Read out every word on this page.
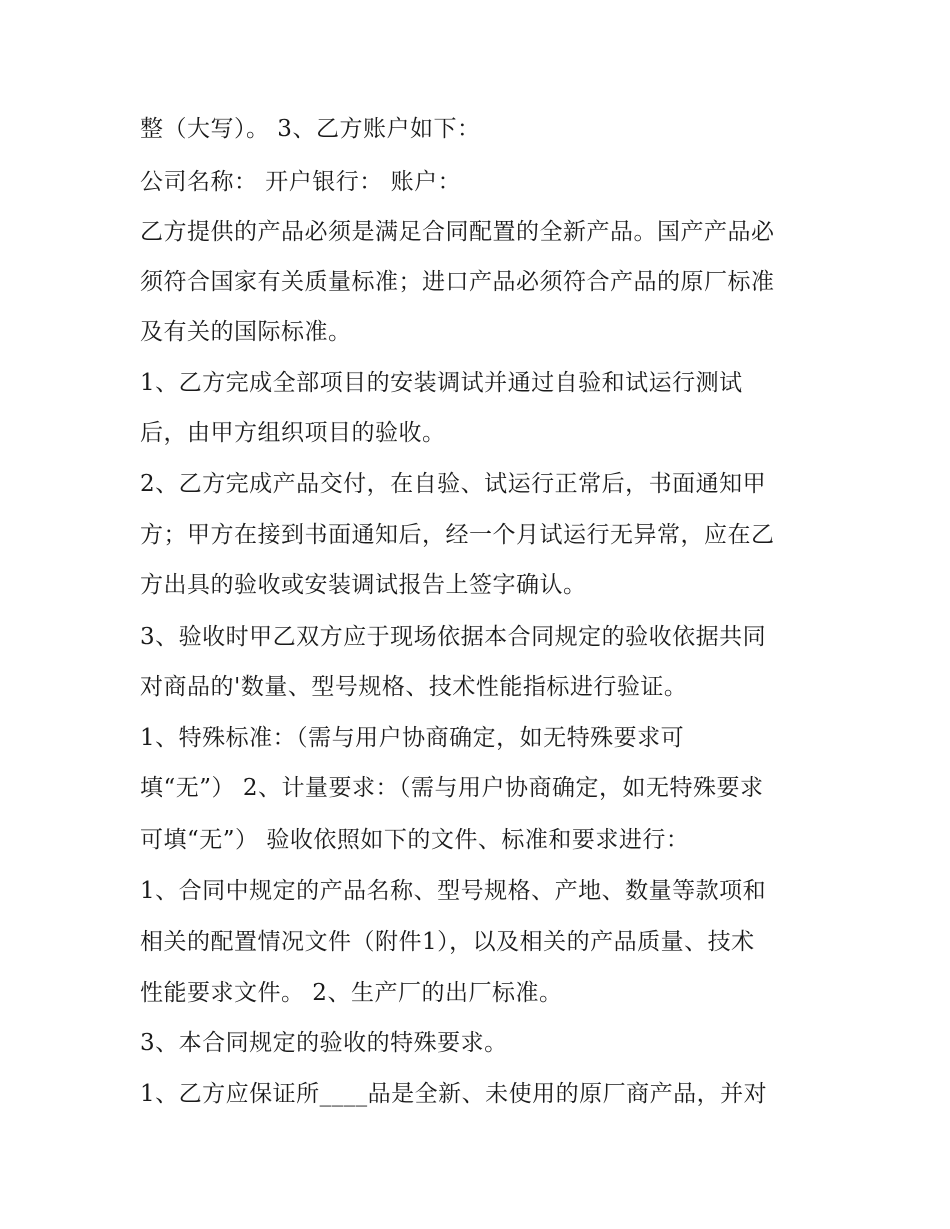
整（大写）。 3、乙方账户如下：
公司名称： 开户银行： 账户：
乙方提供的产品必须是满足合同配置的全新产品。国产产品必
须符合国家有关质量标准；进口产品必须符合产品的原厂标准
及有关的国际标准。
1、乙方完成全部项目的安装调试并通过自验和试运行测试
后，由甲方组织项目的验收。
2、乙方完成产品交付，在自验、试运行正常后，书面通知甲
方；甲方在接到书面通知后，经一个月试运行无异常，应在乙
方出具的验收或安装调试报告上签字确认。
3、验收时甲乙双方应于现场依据本合同规定的验收依据共同
对商品的'数量、型号规格、技术性能指标进行验证。
1、特殊标准：（需与用户协商确定，如无特殊要求可
填“无”） 2、计量要求：（需与用户协商确定，如无特殊要求
可填“无”） 验收依照如下的文件、标准和要求进行：
1、合同中规定的产品名称、型号规格、产地、数量等款项和
相关的配置情况文件（附件1），以及相关的产品质量、技术
性能要求文件。 2、生产厂的出厂标准。
3、本合同规定的验收的特殊要求。
1、乙方应保证所____品是全新、未使用的原厂商产品，并对
